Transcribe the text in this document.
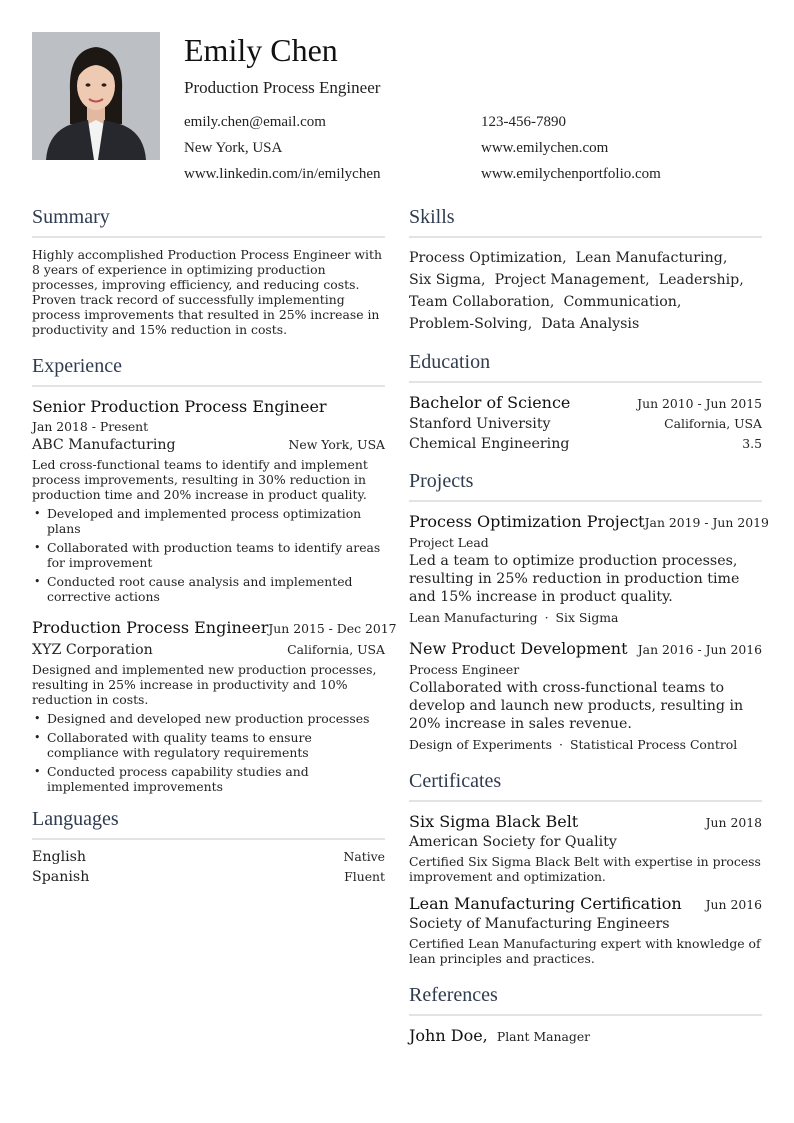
Emily Chen
Production Process Engineer
emily.chen@email.com	123-456-7890
New York, USA	www.emilychen.com
www.linkedin.com/in/emilychen	www.emilychenportfolio.com
Summary
Highly accomplished Production Process Engineer with 8 years of experience in optimizing production processes, improving efficiency, and reducing costs. Proven track record of successfully implementing process improvements that resulted in 25% increase in productivity and 15% reduction in costs.
Experience
Senior Production Process Engineer
Jan 2018 - Present
ABC Manufacturing	New York, USA
Led cross-functional teams to identify and implement process improvements, resulting in 30% reduction in production time and 20% increase in product quality.
• Developed and implemented process optimization plans
• Collaborated with production teams to identify areas for improvement
• Conducted root cause analysis and implemented corrective actions
Production Process Engineer Jun 2015 - Dec 2017
XYZ Corporation	California, USA
Designed and implemented new production processes, resulting in 25% increase in productivity and 10% reduction in costs.
• Designed and developed new production processes
• Collaborated with quality teams to ensure compliance with regulatory requirements
• Conducted process capability studies and implemented improvements
Languages
English	Native
Spanish	Fluent
Skills
Process Optimization, Lean Manufacturing,
Six Sigma, Project Management, Leadership,
Team Collaboration, Communication,
Problem-Solving, Data Analysis
Education
Bachelor of Science	Jun 2010 - Jun 2015
Stanford University	California, USA
Chemical Engineering	3.5
Projects
Process Optimization Project Jan 2019 - Jun 2019
Project Lead
Led a team to optimize production processes, resulting in 25% reduction in production time and 15% increase in product quality.
Lean Manufacturing · Six Sigma
New Product Development Jan 2016 - Jun 2016
Process Engineer
Collaborated with cross-functional teams to develop and launch new products, resulting in 20% increase in sales revenue.
Design of Experiments · Statistical Process Control
Certificates
Six Sigma Black Belt	Jun 2018
American Society for Quality
Certified Six Sigma Black Belt with expertise in process improvement and optimization.
Lean Manufacturing Certification Jun 2016
Society of Manufacturing Engineers
Certified Lean Manufacturing expert with knowledge of lean principles and practices.
References
John Doe, Plant Manager
